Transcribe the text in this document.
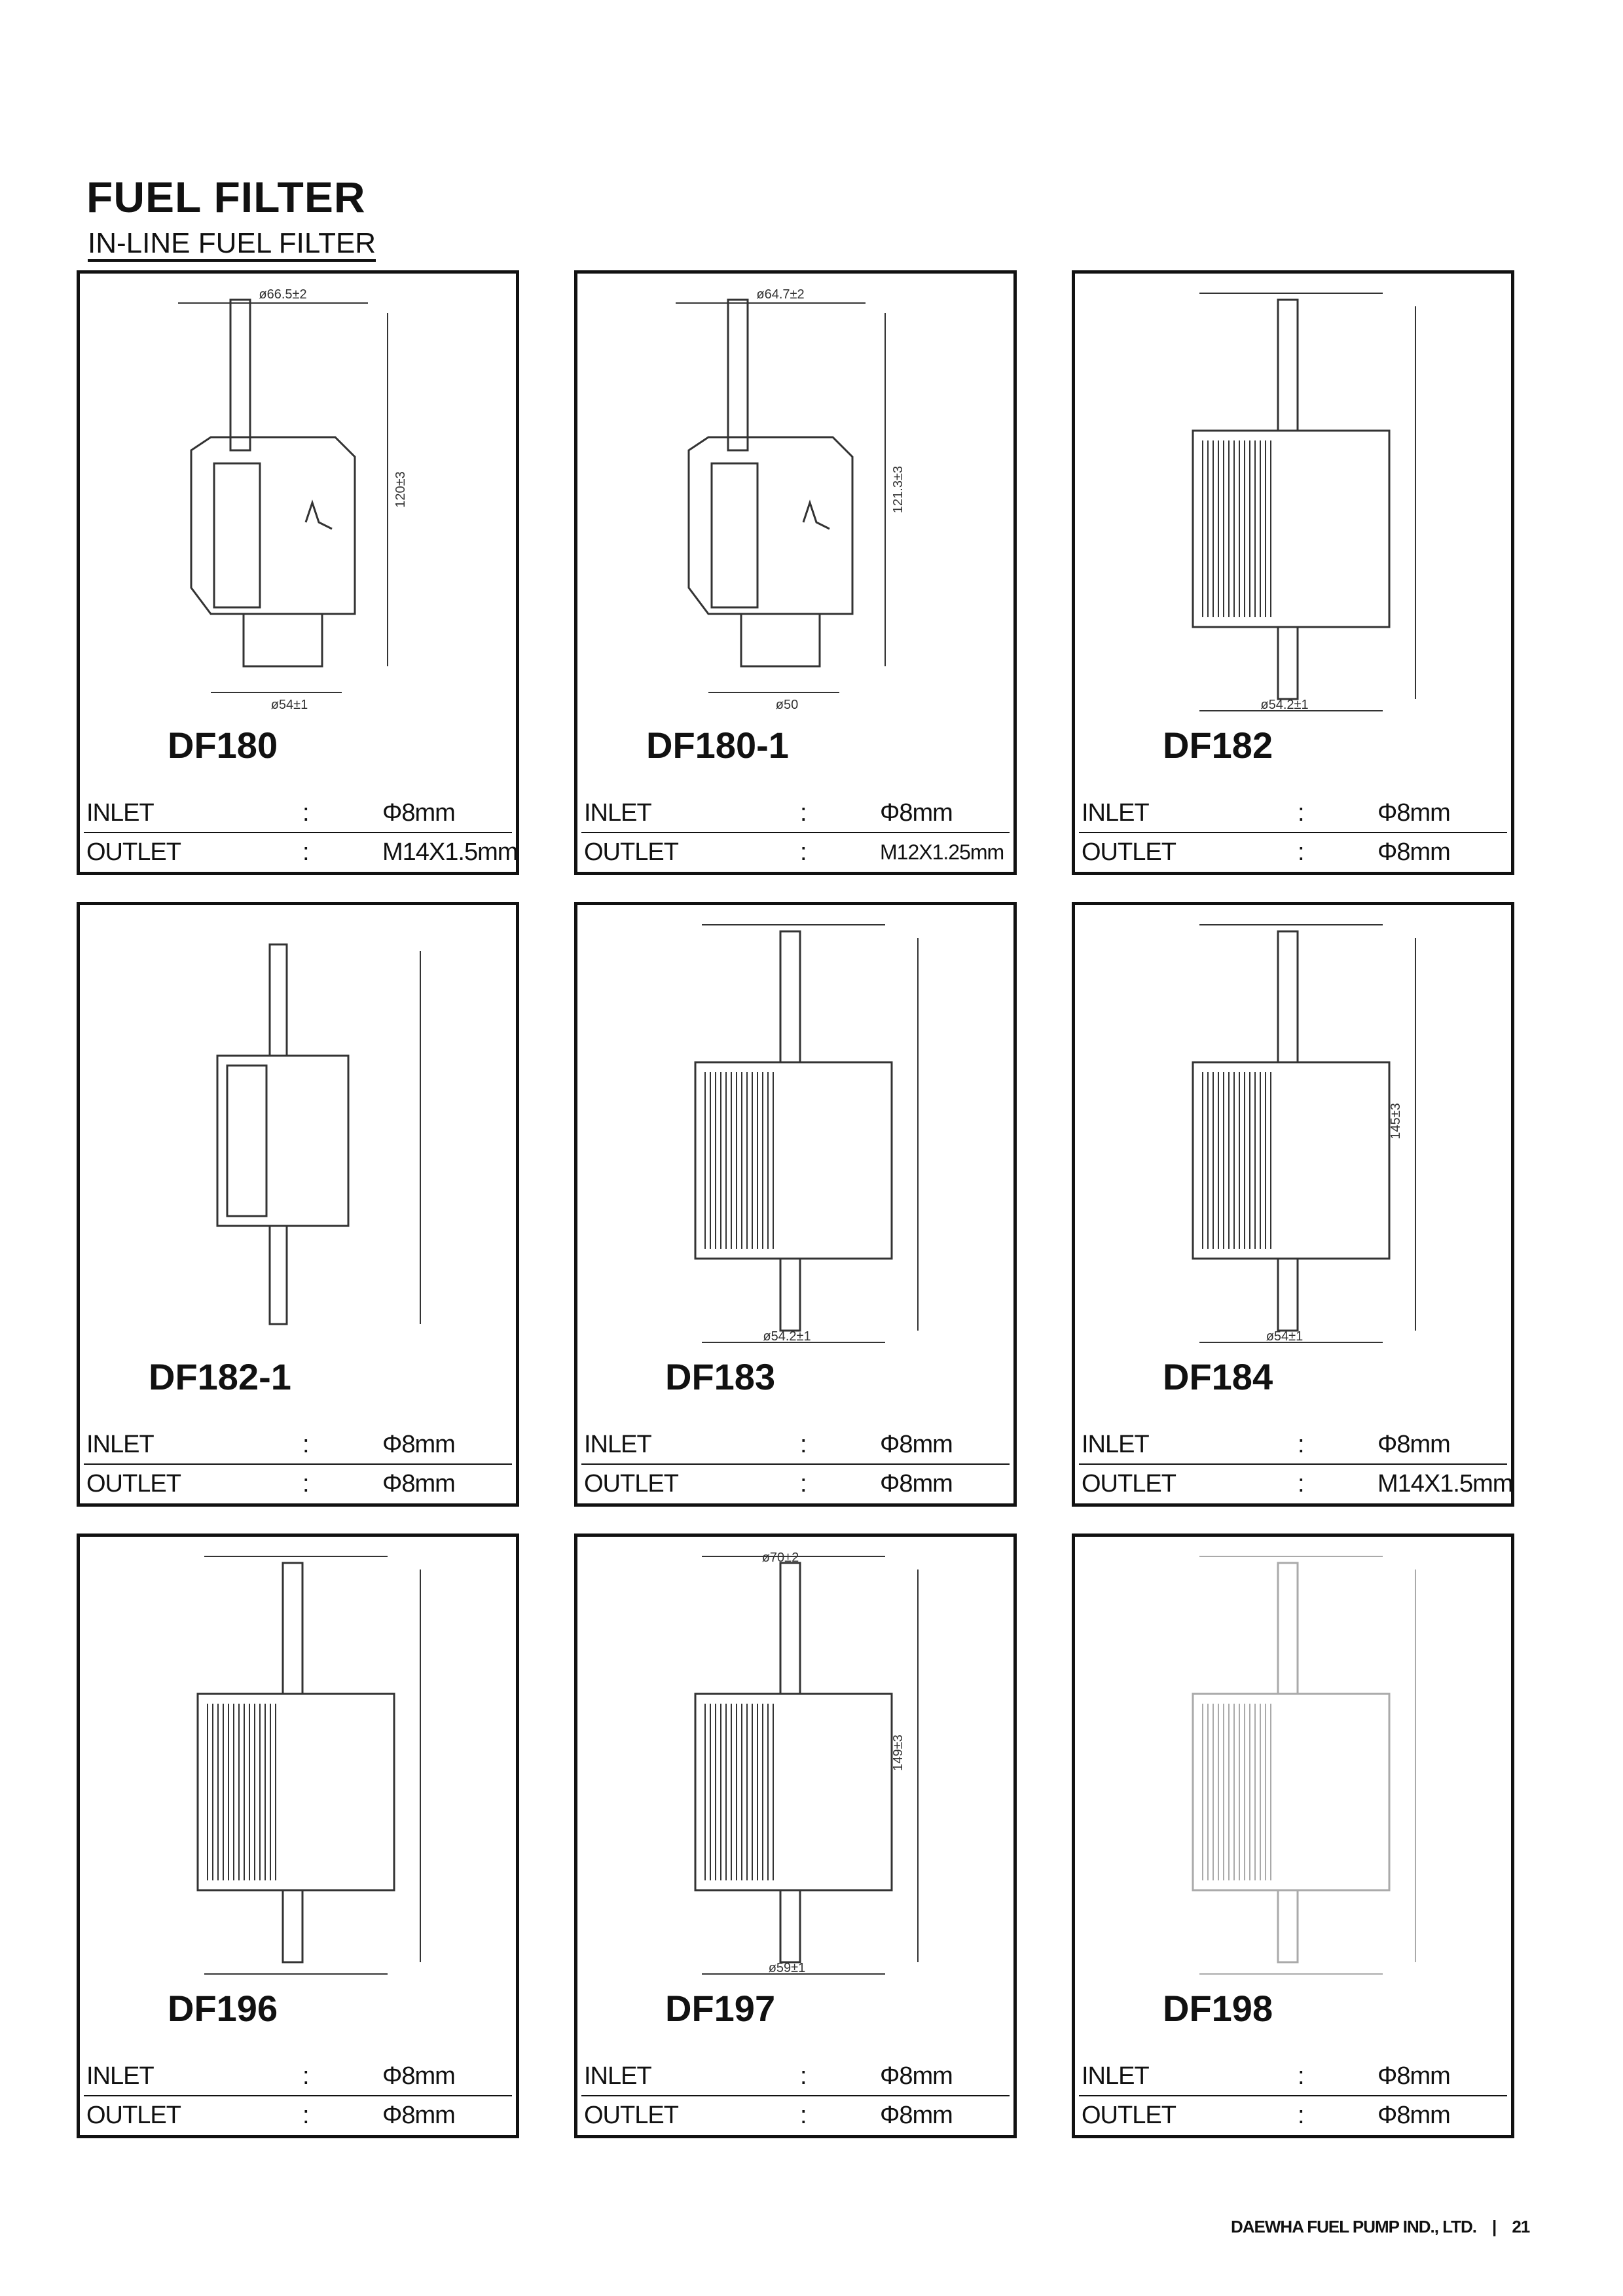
FUEL FILTER
IN-LINE FUEL FILTER
ø66.5±2
ø54±1
120±3
DF180
INLET	:	Φ8mm
OUTLET	:	M14X1.5mm
ø64.7±2
ø50
121.3±3
DF180-1
INLET	:	Φ8mm
OUTLET	:	M12X1.25mm
ø54.2±1
DF182
INLET	:	Φ8mm
OUTLET	:	Φ8mm
DF182-1
INLET	:	Φ8mm
OUTLET	:	Φ8mm
ø54.2±1
DF183
INLET	:	Φ8mm
OUTLET	:	Φ8mm
ø54±1
145±3
DF184
INLET	:	Φ8mm
OUTLET	:	M14X1.5mm
DF196
INLET	:	Φ8mm
OUTLET	:	Φ8mm
ø70±2
ø59±1
149±3
DF197
INLET	:	Φ8mm
OUTLET	:	Φ8mm
DF198
INLET	:	Φ8mm
OUTLET	:	Φ8mm
DAEWHA FUEL PUMP IND., LTD. | 21
